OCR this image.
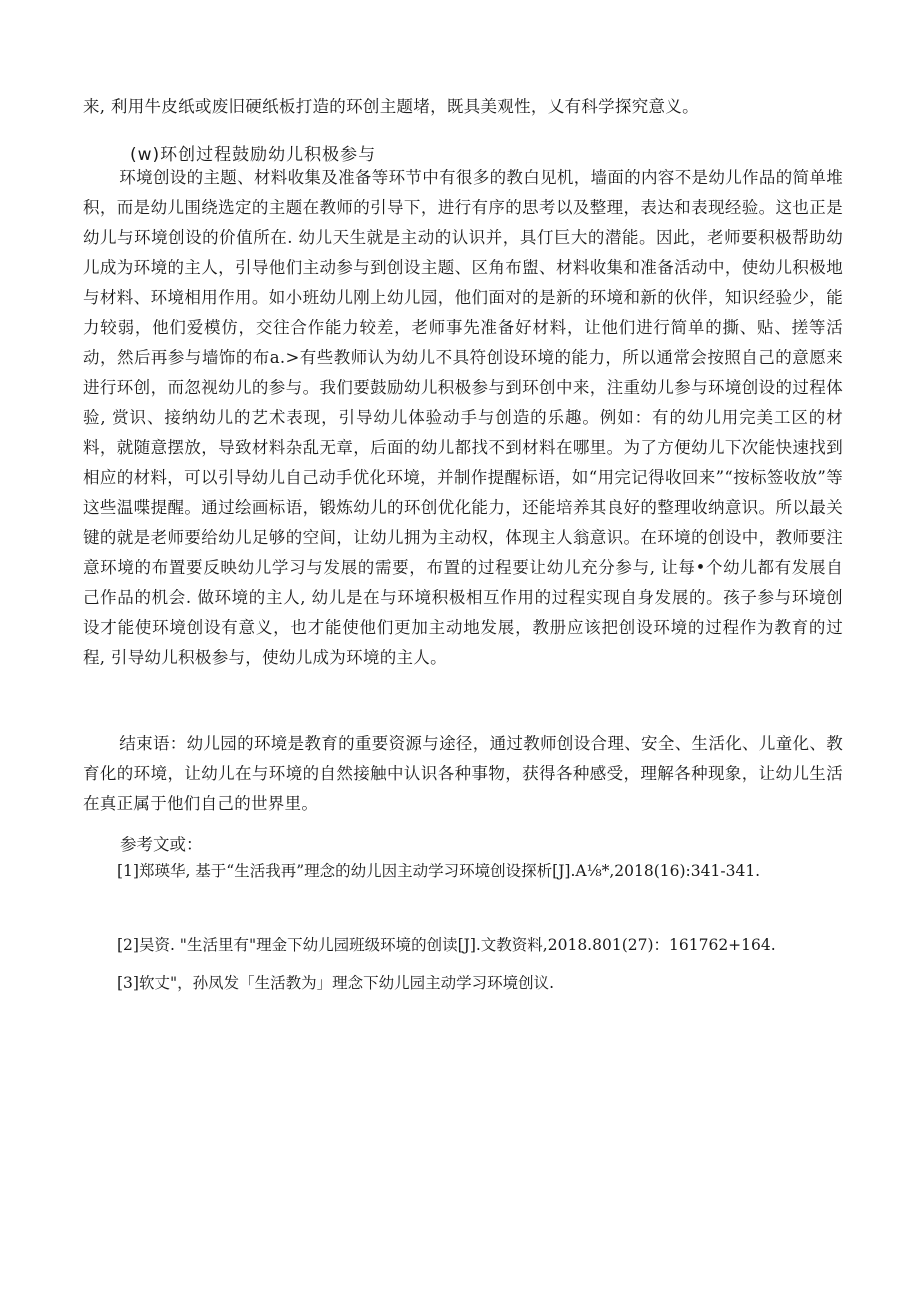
来, 利用牛皮纸或废旧硬纸板打造的环创主题堵，既具美观性，乂有科学探究意义。

(w)环创过程鼓励幼儿积极参与

环境创设的主题、材料收集及准备等环节中有很多的教白见机，墙面的内容不是幼儿作品的简单堆积，而是幼儿围绕选定的主题在教师的引导下，进行有序的思考以及整理，表达和表现经验。这也正是幼儿与环境创设的价值所在. 幼儿天生就是主动的认识并，具仃巨大的潜能。因此，老师要积极帮助幼儿成为环境的主人，引导他们主动参与到创设主题、区角布盥、材料收集和准备活动中，使幼儿积极地与材料、环境相用作用。如小班幼儿刚上幼儿园，他们面对的是新的环境和新的伙伴，知识经验少，能力较弱，他们爱模仿，交往合作能力较差，老师事先准备好材料，让他们进行简单的撕、贴、搓等活动，然后再参与墙饰的布a.>有些教师认为幼儿不具符创设环境的能力，所以通常会按照自己的意愿来进行环创，而忽视幼儿的参与。我们要鼓励幼儿积极参与到环创中来，注重幼儿参与环境创设的过程体验, 赏识、接纳幼儿的艺术表现，引导幼儿体验动手与创造的乐趣。例如：有的幼儿用完美工区的材料，就随意摆放，导致材料杂乱无章，后面的幼儿都找不到材料在哪里。为了方便幼儿下次能快速找到相应的材料，可以引导幼儿自己动手优化环境，并制作提醒标语，如“用完记得收回来”“按标签收放”等这些温喋提醒。通过绘画标语，锻炼幼儿的环创优化能力，还能培养其良好的整理收纳意识。所以最关键的就是老师要给幼儿足够的空间，让幼儿拥为主动权，体现主人翁意识。在环境的创设中，教师要注意环境的布置要反映幼儿学习与发展的需要，布置的过程要让幼儿充分参与, 让每•个幼儿都有发展自己作品的机会. 做环境的主人, 幼儿是在与环境积极相互作用的过程实现自身发展的。孩子参与环境创设才能使环境创设有意义，也才能使他们更加主动地发展，教册应该把创设环境的过程作为教育的过程, 引导幼儿积极参与，使幼儿成为环境的主人。

结束语：幼儿园的环境是教育的重要资源与途径，通过教师创设合理、安全、生活化、儿童化、教育化的环境，让幼儿在与环境的自然接触中认识各种事物，获得各种感受，理解各种现象，让幼儿生活在真正属于他们自己的世界里。

参考文或：

[1]郑瑛华, 基于“生活我再”理念的幼儿因主动学习环境创设探析[J].A⅛*,2018(16):341-341.

[2]吴资. "生活里有"理金下幼儿园班级环境的创读[J].文教资料,2018.801(27)：161762+164.

[3]软丈"，孙凤发「生活教为」理念下幼儿园主动学习环境创议.
